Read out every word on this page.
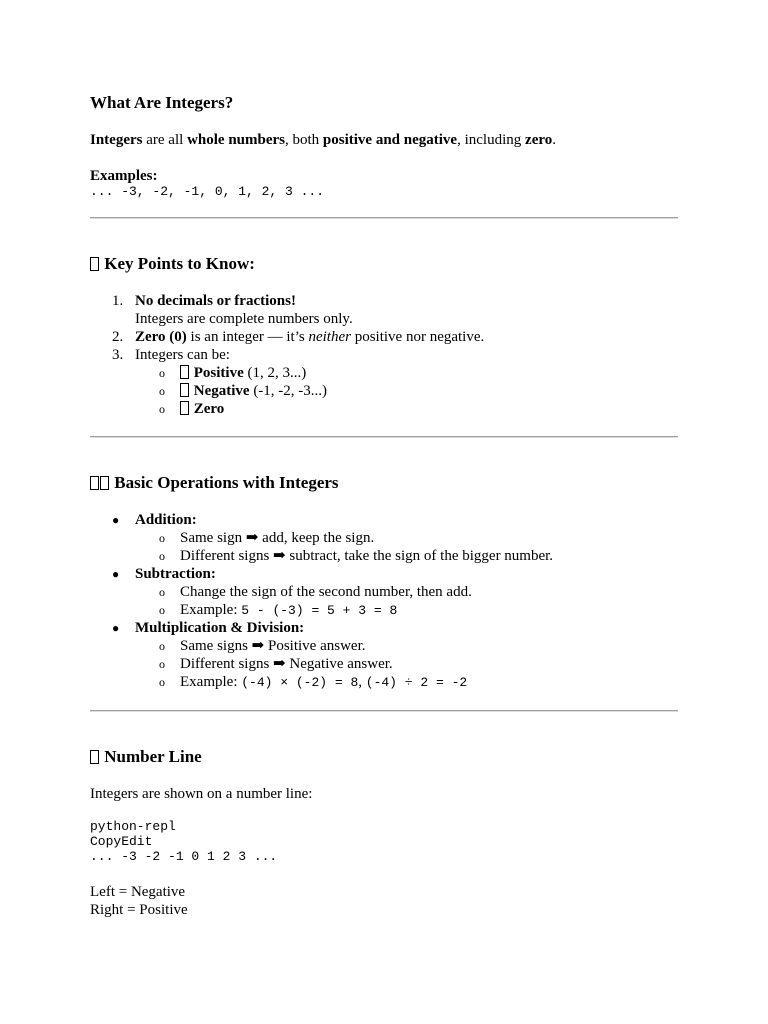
What Are Integers?

Integers are all whole numbers, both positive and negative, including zero.

Examples:

... -3, -2, -1, 0, 1, 2, 3 ...
Key Points to Know:
1. No decimals or fractions!
Integers are complete numbers only.
2. Zero (0) is an integer — it’s neither positive nor negative.
3. Integers can be:
o Positive (1, 2, 3...)
o Negative (-1, -2, -3...)
o Zero
Basic Operations with Integers
● Addition:
o Same sign ➡ add, keep the sign.
o Different signs ➡ subtract, take the sign of the bigger number.
● Subtraction:
o Change the sign of the second number, then add.
o Example: 5 - (-3) = 5 + 3 = 8
● Multiplication & Division:
o Same signs ➡ Positive answer.
o Different signs ➡ Negative answer.
o Example: (-4) × (-2) = 8, (-4) ÷ 2 = -2
Number Line

Integers are shown on a number line:

python-repl
CopyEdit
... -3 -2 -1 0 1 2 3 ...

Left = Negative

Right = Positive
